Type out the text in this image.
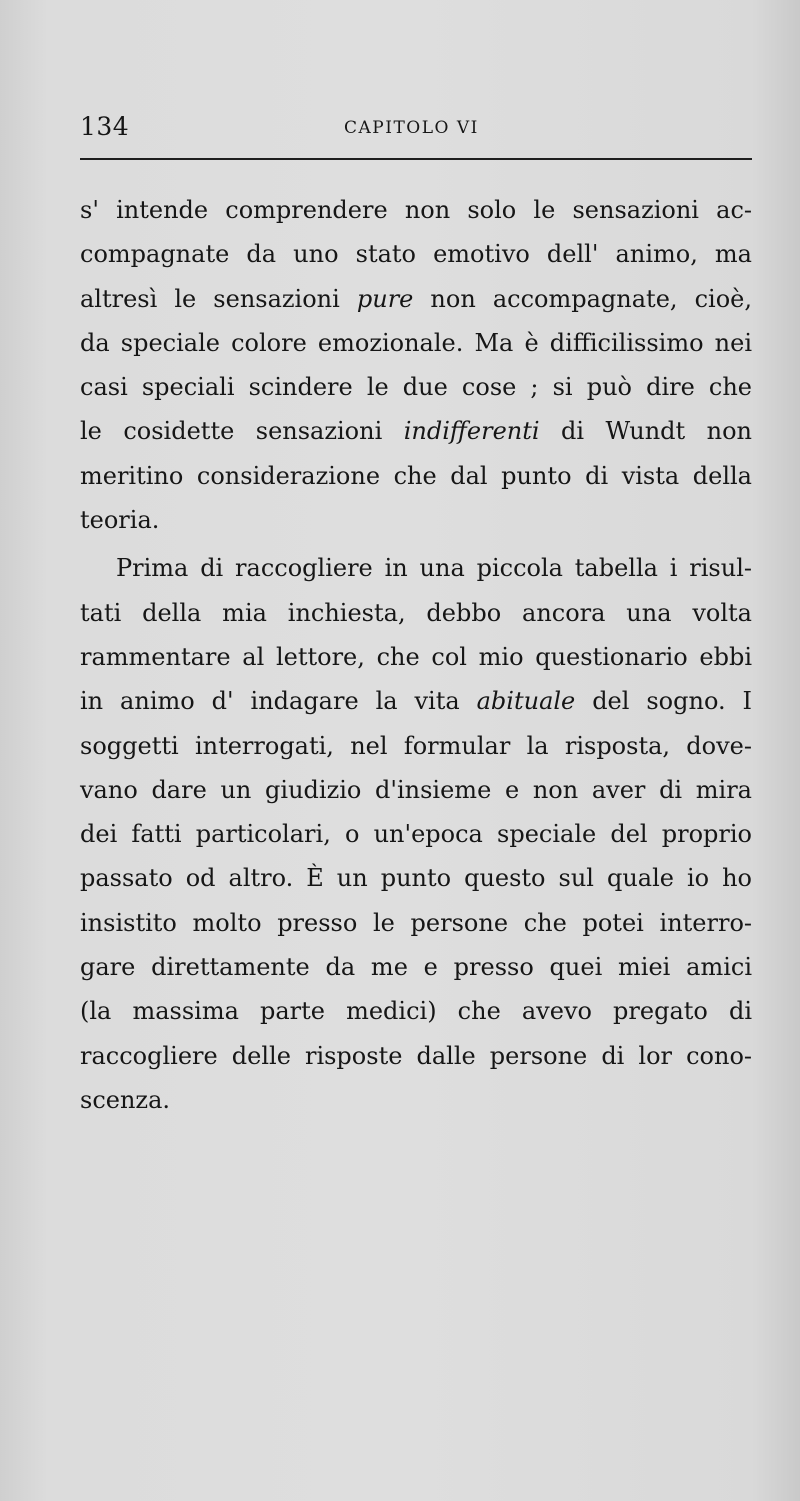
134	CAPITOLO VI
s' intende comprendere non solo le sensazioni ac-
compagnate da uno stato emotivo dell' animo, ma
altresì le sensazioni pure non accompagnate, cioè,
da speciale colore emozionale. Ma è difficilissimo nei
casi speciali scindere le due cose ; si può dire che
le cosidette sensazioni indifferenti di Wundt non
meritino considerazione che dal punto di vista della
teoria.
Prima di raccogliere in una piccola tabella i risul-
tati della mia inchiesta, debbo ancora una volta
rammentare al lettore, che col mio questionario ebbi
in animo d' indagare la vita abituale del sogno. I
soggetti interrogati, nel formular la risposta, dove-
vano dare un giudizio d'insieme e non aver di mira
dei fatti particolari, o un'epoca speciale del proprio
passato od altro. È un punto questo sul quale io ho
insistito molto presso le persone che potei interro-
gare direttamente da me e presso quei miei amici
(la massima parte medici) che avevo pregato di
raccogliere delle risposte dalle persone di lor cono-
scenza.
